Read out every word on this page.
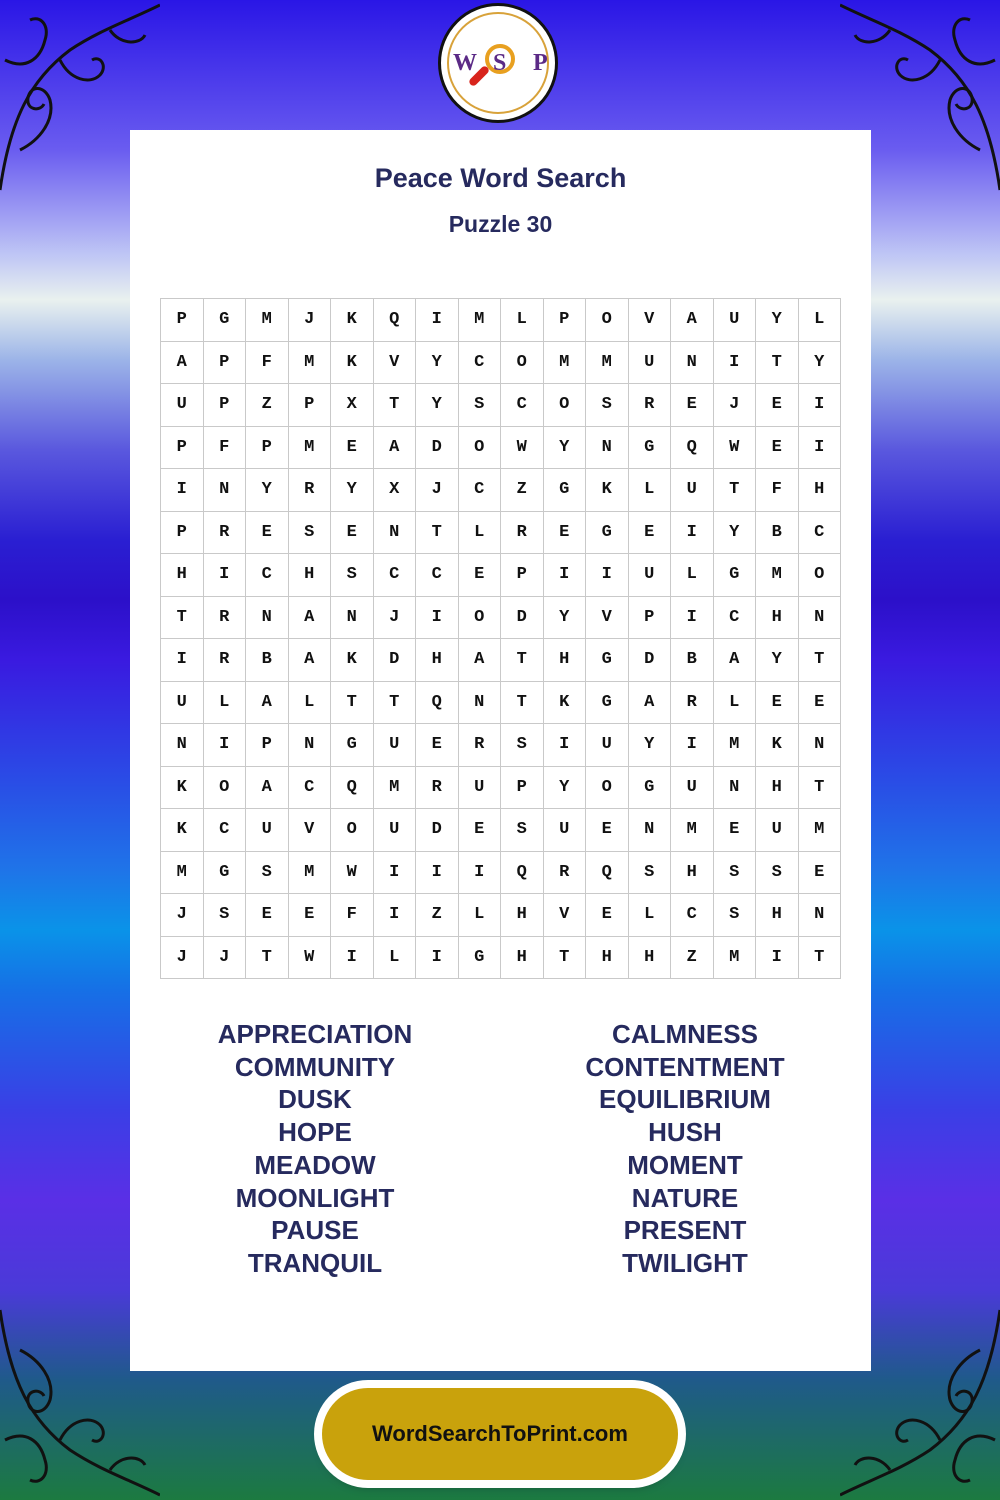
W S P
Peace Word Search
Puzzle 30
P	G	M	J	K	Q	I	M	L	P	O	V	A	U	Y	L
A	P	F	M	K	V	Y	C	O	M	M	U	N	I	T	Y
U	P	Z	P	X	T	Y	S	C	O	S	R	E	J	E	I
P	F	P	M	E	A	D	O	W	Y	N	G	Q	W	E	I
I	N	Y	R	Y	X	J	C	Z	G	K	L	U	T	F	H
P	R	E	S	E	N	T	L	R	E	G	E	I	Y	B	C
H	I	C	H	S	C	C	E	P	I	I	U	L	G	M	O
T	R	N	A	N	J	I	O	D	Y	V	P	I	C	H	N
I	R	B	A	K	D	H	A	T	H	G	D	B	A	Y	T
U	L	A	L	T	T	Q	N	T	K	G	A	R	L	E	E
N	I	P	N	G	U	E	R	S	I	U	Y	I	M	K	N
K	O	A	C	Q	M	R	U	P	Y	O	G	U	N	H	T
K	C	U	V	O	U	D	E	S	U	E	N	M	E	U	M
M	G	S	M	W	I	I	I	Q	R	Q	S	H	S	S	E
J	S	E	E	F	I	Z	L	H	V	E	L	C	S	H	N
J	J	T	W	I	L	I	G	H	T	H	H	Z	M	I	T
APPRECIATION
COMMUNITY
DUSK
HOPE
MEADOW
MOONLIGHT
PAUSE
TRANQUIL
CALMNESS
CONTENTMENT
EQUILIBRIUM
HUSH
MOMENT
NATURE
PRESENT
TWILIGHT
WordSearchToPrint.com
